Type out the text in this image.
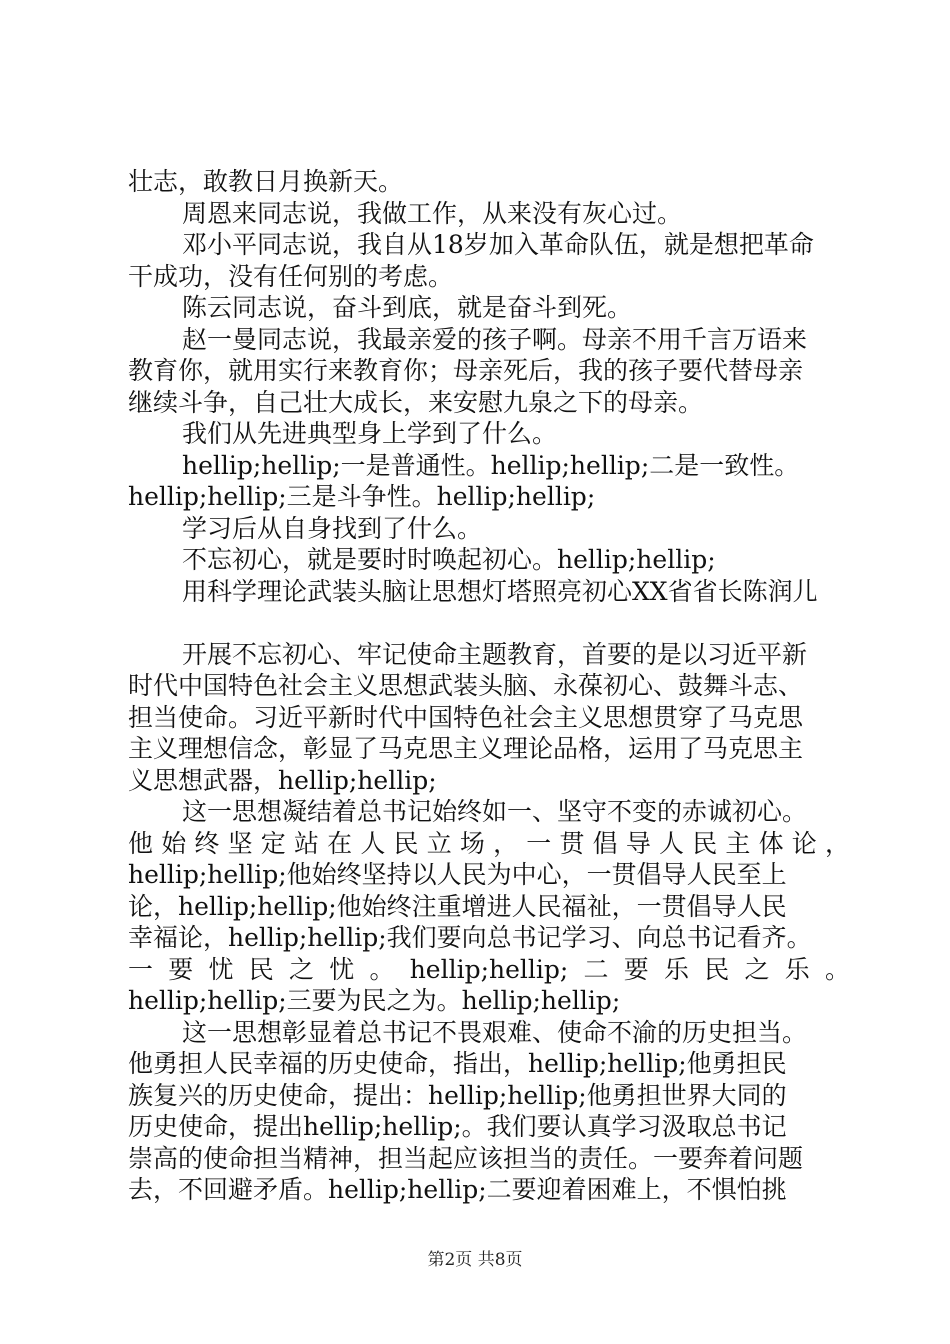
壮志，敢教日月换新天。
周恩来同志说，我做工作，从来没有灰心过。
邓小平同志说，我自从18岁加入革命队伍，就是想把革命
干成功，没有任何别的考虑。
陈云同志说，奋斗到底，就是奋斗到死。
赵一曼同志说，我最亲爱的孩子啊。母亲不用千言万语来
教育你，就用实行来教育你；母亲死后，我的孩子要代替母亲
继续斗争，自己壮大成长，来安慰九泉之下的母亲。
我们从先进典型身上学到了什么。
hellip;hellip;一是普通性。hellip;hellip;二是一致性。
hellip;hellip;三是斗争性。hellip;hellip;
学习后从自身找到了什么。
不忘初心，就是要时时唤起初心。hellip;hellip;
用科学理论武装头脑让思想灯塔照亮初心XX省省长陈润儿
开展不忘初心、牢记使命主题教育，首要的是以习近平新
时代中国特色社会主义思想武装头脑、永葆初心、鼓舞斗志、
担当使命。习近平新时代中国特色社会主义思想贯穿了马克思
主义理想信念，彰显了马克思主义理论品格，运用了马克思主
义思想武器，hellip;hellip;
这一思想凝结着总书记始终如一、坚守不变的赤诚初心。
他始终坚定站在人民立场，一贯倡导人民主体论，
hellip;hellip;他始终坚持以人民为中心，一贯倡导人民至上
论，hellip;hellip;他始终注重增进人民福祉，一贯倡导人民
幸福论，hellip;hellip;我们要向总书记学习、向总书记看齐。
一要忧民之忧。hellip;hellip;二要乐民之乐。
hellip;hellip;三要为民之为。hellip;hellip;
这一思想彰显着总书记不畏艰难、使命不渝的历史担当。
他勇担人民幸福的历史使命，指出，hellip;hellip;他勇担民
族复兴的历史使命，提出：hellip;hellip;他勇担世界大同的
历史使命，提出hellip;hellip;。我们要认真学习汲取总书记
崇高的使命担当精神，担当起应该担当的责任。一要奔着问题
去，不回避矛盾。hellip;hellip;二要迎着困难上，不惧怕挑
第2页 共8页
